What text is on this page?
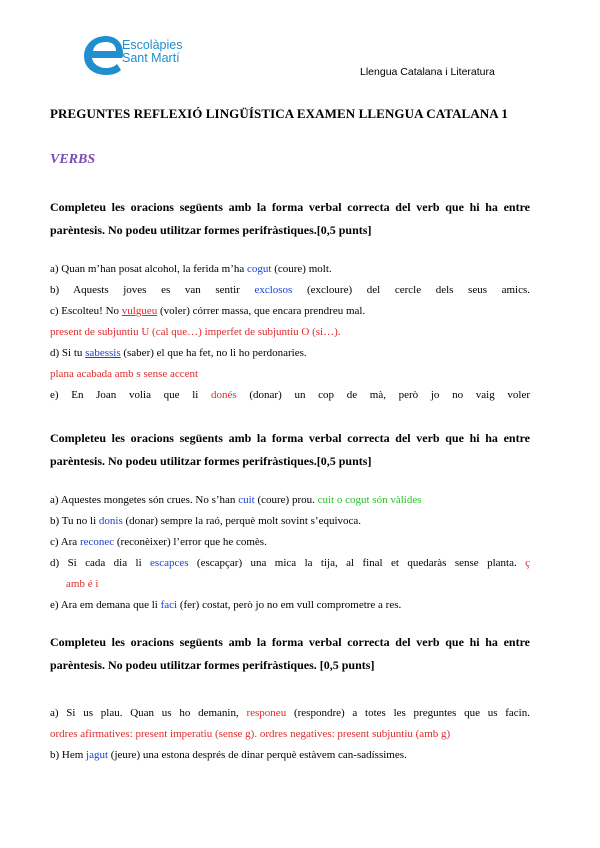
Escolàpies
Sant Martí
Llengua Catalana i Literatura
PREGUNTES REFLEXIÓ LINGÜÍSTICA EXAMEN LLENGUA CATALANA 1
VERBS
Completeu les oracions següents amb la forma verbal correcta del verb que hi ha entre
parèntesis. No podeu utilitzar formes perifràstiques.[0,5 punts]
a) Quan m’han posat alcohol, la ferida m’ha cogut (coure) molt.
b) Aquests joves es van sentir exclosos (excloure) del cercle dels seus amics.
c) Escolteu! No vulgueu (voler) córrer massa, que encara prendreu mal.
present de subjuntiu U (cal que…) imperfet de subjuntiu O (si…).
d) Si tu sabessis (saber) el que ha fet, no li ho perdonaries.
plana acabada amb s sense accent
e) En Joan volia que li donés (donar) un cop de mà, però jo no vaig voler
Completeu les oracions següents amb la forma verbal correcta del verb que hi ha entre
parèntesis. No podeu utilitzar formes perifràstiques.[0,5 punts]
a) Aquestes mongetes són crues. No s’han cuit (coure) prou. cuit o cogut són vàlides
b) Tu no li donis (donar) sempre la raó, perquè molt sovint s’equivoca.
c) Ara reconec (reconèixer) l’error que he comès.
d) Si cada dia li escapces (escapçar) una mica la tija, al final et quedaràs sense planta. ç
amb é i
e) Ara em demana que li faci (fer) costat, però jo no em vull comprometre a res.
Completeu les oracions següents amb la forma verbal correcta del verb que hi ha entre
parèntesis. No podeu utilitzar formes perifràstiques. [0,5 punts]
a) Si us plau. Quan us ho demanin, responeu (respondre) a totes les preguntes que us facin.
ordres afirmatives: present imperatiu (sense g). ordres negatives: present subjuntiu (amb g)
b) Hem jagut (jeure) una estona després de dinar perquè estàvem can-sadíssimes.
